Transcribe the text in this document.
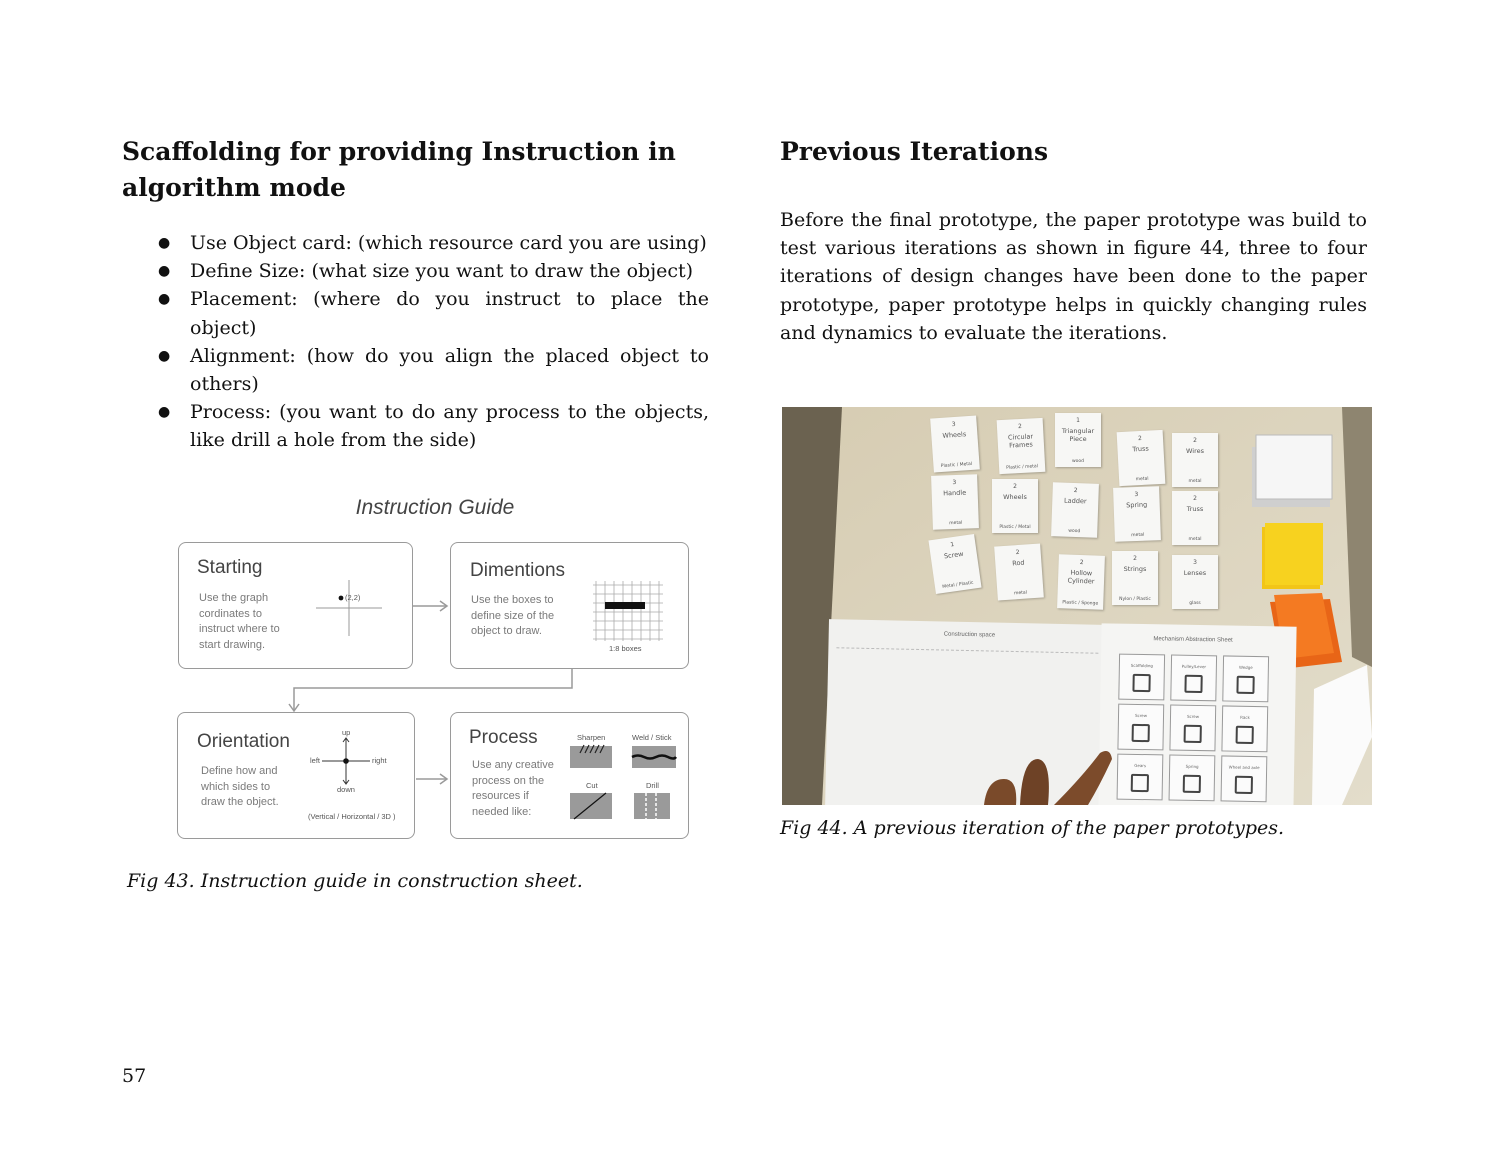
Scaffolding for providing Instruction in
algorithm mode
● Use Object card: (which resource card you are using)
● Define Size: (what size you want to draw the object)
● Placement: (where do you instruct to place the object)
● Alignment: (how do you align the placed object to others)
● Process: (you want to do any process to the objects, like drill a hole from the side)
Instruction Guide
Starting
Use the graph
cordinates to
instruct where to
start drawing.
(2,2)
Dimentions
Use the boxes to
define size of the
object to draw.
1:8 boxes
Orientation
Define how and
which sides to
draw the object.
up
down
left	right
(Vertical / Horizontal / 3D )
Process
Use any creative
process on the
resources if
needed like:
Sharpen	Weld / Stick
Cut	Drill
Fig 43. Instruction guide in construction sheet.
Previous Iterations

Before the final prototype, the paper prototype was build to test various iterations as shown in figure 44, three to four iterations of design changes have been done to the paper prototype, paper prototype helps in quickly changing rules and dynamics to evaluate the iterations.

3
Wheels
Plastic / Metal
2
Circular Frames
Plastic / metal
1
Triangular Piece
wood
2
Truss
metal
2
Wires
metal
3
Handle
metal
2
Wheels
Plastic / Metal
2
Ladder
wood
3
Spring
metal
2
Truss
metal
1
Screw
Metal / Plastic
2
Rod
metal
2
Hollow Cylinder
Plastic / Sponge
2
Strings
Nylon / Plastic
3
Lenses
glass
Construction space
Mechanism Abstraction Sheet
Scaffolding	Pulley/Lever	Wedge
Screw	Screw	Rack
Gears	Spring	Wheel and axle
Fig 44. A previous iteration of the paper prototypes.
57
